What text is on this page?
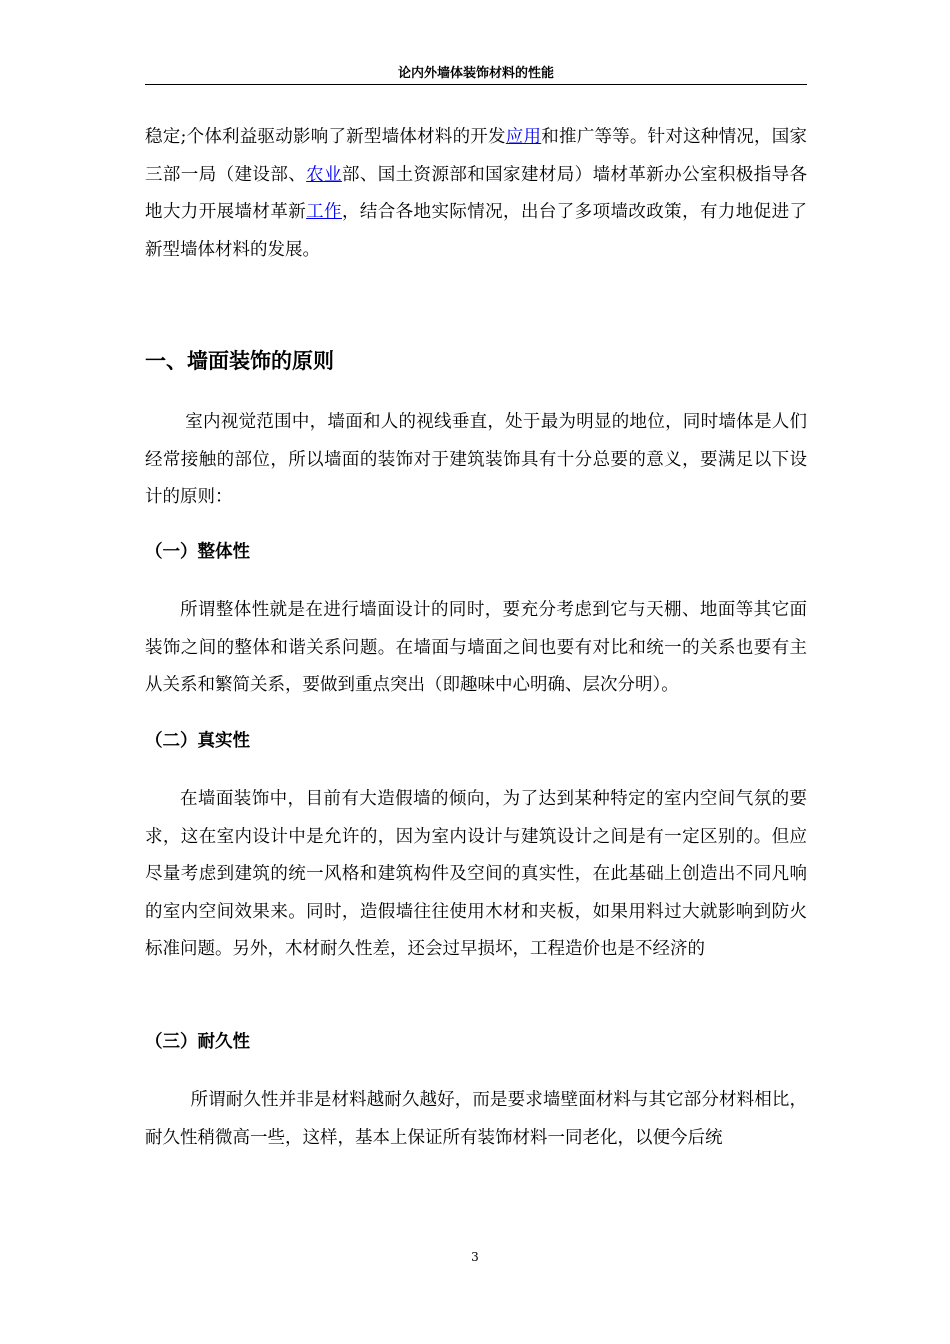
论内外墙体装饰材料的性能

稳定;个体利益驱动影响了新型墙体材料的开发应用和推广等等。针对这种情况，国家三部一局（建设部、农业部、国土资源部和国家建材局）墙材革新办公室积极指导各地大力开展墙材革新工作，结合各地实际情况，出台了多项墙改政策，有力地促进了新型墙体材料的发展。

一、墙面装饰的原则

室内视觉范围中，墙面和人的视线垂直，处于最为明显的地位，同时墙体是人们经常接触的部位，所以墙面的装饰对于建筑装饰具有十分总要的意义，要满足以下设计的原则：

（一）整体性

所谓整体性就是在进行墙面设计的同时，要充分考虑到它与天棚、地面等其它面装饰之间的整体和谐关系问题。在墙面与墙面之间也要有对比和统一的关系也要有主从关系和繁简关系，要做到重点突出（即趣味中心明确、层次分明）。

（二）真实性

在墙面装饰中，目前有大造假墙的倾向，为了达到某种特定的室内空间气氛的要求，这在室内设计中是允许的，因为室内设计与建筑设计之间是有一定区别的。但应尽量考虑到建筑的统一风格和建筑构件及空间的真实性，在此基础上创造出不同凡响的室内空间效果来。同时，造假墙往往使用木材和夹板，如果用料过大就影响到防火标准问题。另外，木材耐久性差，还会过早损坏，工程造价也是不经济的

（三）耐久性

所谓耐久性并非是材料越耐久越好，而是要求墙壁面材料与其它部分材料相比，耐久性稍微高一些，这样，基本上保证所有装饰材料一同老化，以便今后统

3
